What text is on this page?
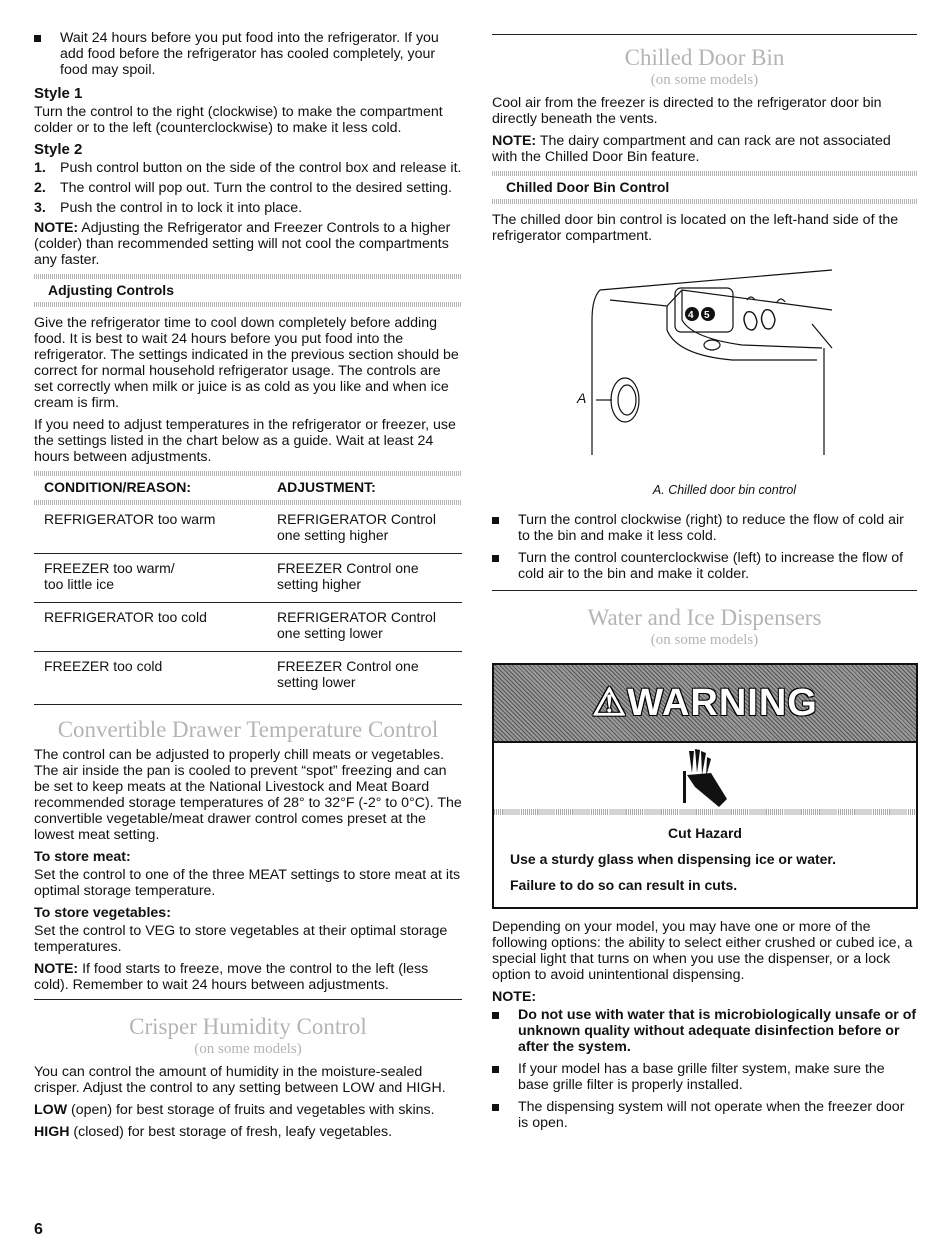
Wait 24 hours before you put food into the refrigerator. If you add food before the refrigerator has cooled completely, your food may spoil.
Style 1

Turn the control to the right (clockwise) to make the compartment colder or to the left (counterclockwise) to make it less cold.

Style 2
1. Push control button on the side of the control box and release it.
2. The control will pop out. Turn the control to the desired setting.
3. Push the control in to lock it into place.

NOTE: Adjusting the Refrigerator and Freezer Controls to a higher (colder) than recommended setting will not cool the compartments any faster.

Adjusting Controls

Give the refrigerator time to cool down completely before adding food. It is best to wait 24 hours before you put food into the refrigerator. The settings indicated in the previous section should be correct for normal household refrigerator usage. The controls are set correctly when milk or juice is as cold as you like and when ice cream is firm.

If you need to adjust temperatures in the refrigerator or freezer, use the settings listed in the chart below as a guide. Wait at least 24 hours between adjustments.

CONDITION/REASON:	ADJUSTMENT:
REFRIGERATOR too warm	REFRIGERATOR Control one setting higher
FREEZER too warm/ too little ice	FREEZER Control one setting higher
REFRIGERATOR too cold	REFRIGERATOR Control one setting lower
FREEZER too cold	FREEZER Control one setting lower
Convertible Drawer Temperature Control

The control can be adjusted to properly chill meats or vegetables. The air inside the pan is cooled to prevent “spot” freezing and can be set to keep meats at the National Livestock and Meat Board recommended storage temperatures of 28° to 32°F (-2° to 0°C). The convertible vegetable/meat drawer control comes preset at the lowest meat setting.

To store meat:

Set the control to one of the three MEAT settings to store meat at its optimal storage temperature.

To store vegetables:

Set the control to VEG to store vegetables at their optimal storage temperatures.

NOTE: If food starts to freeze, move the control to the left (less cold). Remember to wait 24 hours between adjustments.

Crisper Humidity Control
(on some models)

You can control the amount of humidity in the moisture-sealed crisper. Adjust the control to any setting between LOW and HIGH.

LOW (open) for best storage of fruits and vegetables with skins.

HIGH (closed) for best storage of fresh, leafy vegetables.

Chilled Door Bin
(on some models)

Cool air from the freezer is directed to the refrigerator door bin directly beneath the vents.

NOTE: The dairy compartment and can rack are not associated with the Chilled Door Bin feature.

Chilled Door Bin Control

The chilled door bin control is located on the left-hand side of the refrigerator compartment.

4 5
A
A. Chilled door bin control
Turn the control clockwise (right) to reduce the flow of cold air to the bin and make it less cold.
Turn the control counterclockwise (left) to increase the flow of cold air to the bin and make it colder.
Water and Ice Dispensers
(on some models)
⚠ WARNING
Cut Hazard

Use a sturdy glass when dispensing ice or water.

Failure to do so can result in cuts.

Depending on your model, you may have one or more of the following options: the ability to select either crushed or cubed ice, a special light that turns on when you use the dispenser, or a lock option to avoid unintentional dispensing.

NOTE:
Do not use with water that is microbiologically unsafe or of unknown quality without adequate disinfection before or after the system.
If your model has a base grille filter system, make sure the base grille filter is properly installed.
The dispensing system will not operate when the freezer door is open.
6
